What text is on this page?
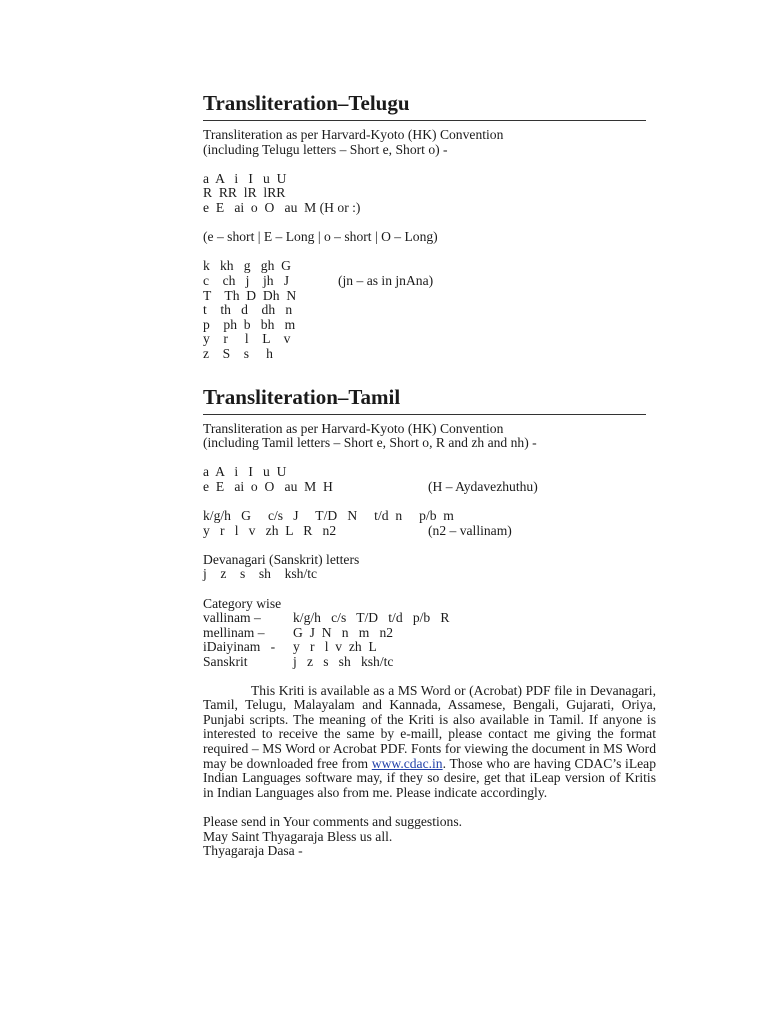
Transliteration–Telugu
Transliteration as per Harvard-Kyoto (HK) Convention
(including Telugu letters – Short e, Short o) -
a  A   i   I   u  U
R  RR  lR  lRR
e  E   ai  o  O   au  M (H or :)
(e – short | E – Long | o – short | O – Long)
k   kh   g   gh  G
c    ch   j    jh   J	(jn – as in jnAna)
T    Th  D  Dh  N
t    th   d    dh   n
p    ph  b   bh   m
y    r     l    L    v
z    S    s     h
Transliteration–Tamil
Transliteration as per Harvard-Kyoto (HK) Convention
(including Tamil letters – Short e, Short o, R and zh and nh) -
a  A   i   I   u  U
e  E   ai  o  O   au  M  H	(H – Aydavezhuthu)
k/g/h   G     c/s   J     T/D   N     t/d  n     p/b  m
y   r   l   v   zh  L   R   n2	(n2 – vallinam)
Devanagari (Sanskrit) letters
j    z    s    sh    ksh/tc
Category wise
vallinam – k/g/h   c/s   T/D   t/d   p/b   R
mellinam – G  J  N   n   m   n2
iDaiyinam   - y   r   l  v  zh  L
Sanskrit	j   z   s   sh   ksh/tc

This Kriti is available as a MS Word or (Acrobat) PDF file in Devanagari, Tamil, Telugu, Malayalam and Kannada, Assamese, Bengali, Gujarati, Oriya, Punjabi scripts. The meaning of the Kriti is also available in Tamil. If anyone is interested to receive the same by e-maill, please contact me giving the format required – MS Word or Acrobat PDF. Fonts for viewing the document in MS Word may be downloaded free from www.cdac.in. Those who are having CDAC’s iLeap Indian Languages software may, if they so desire, get that iLeap version of Kritis in Indian Languages also from me. Please indicate accordingly.

Please send in Your comments and suggestions.
May Saint Thyagaraja Bless us all.
Thyagaraja Dasa -
